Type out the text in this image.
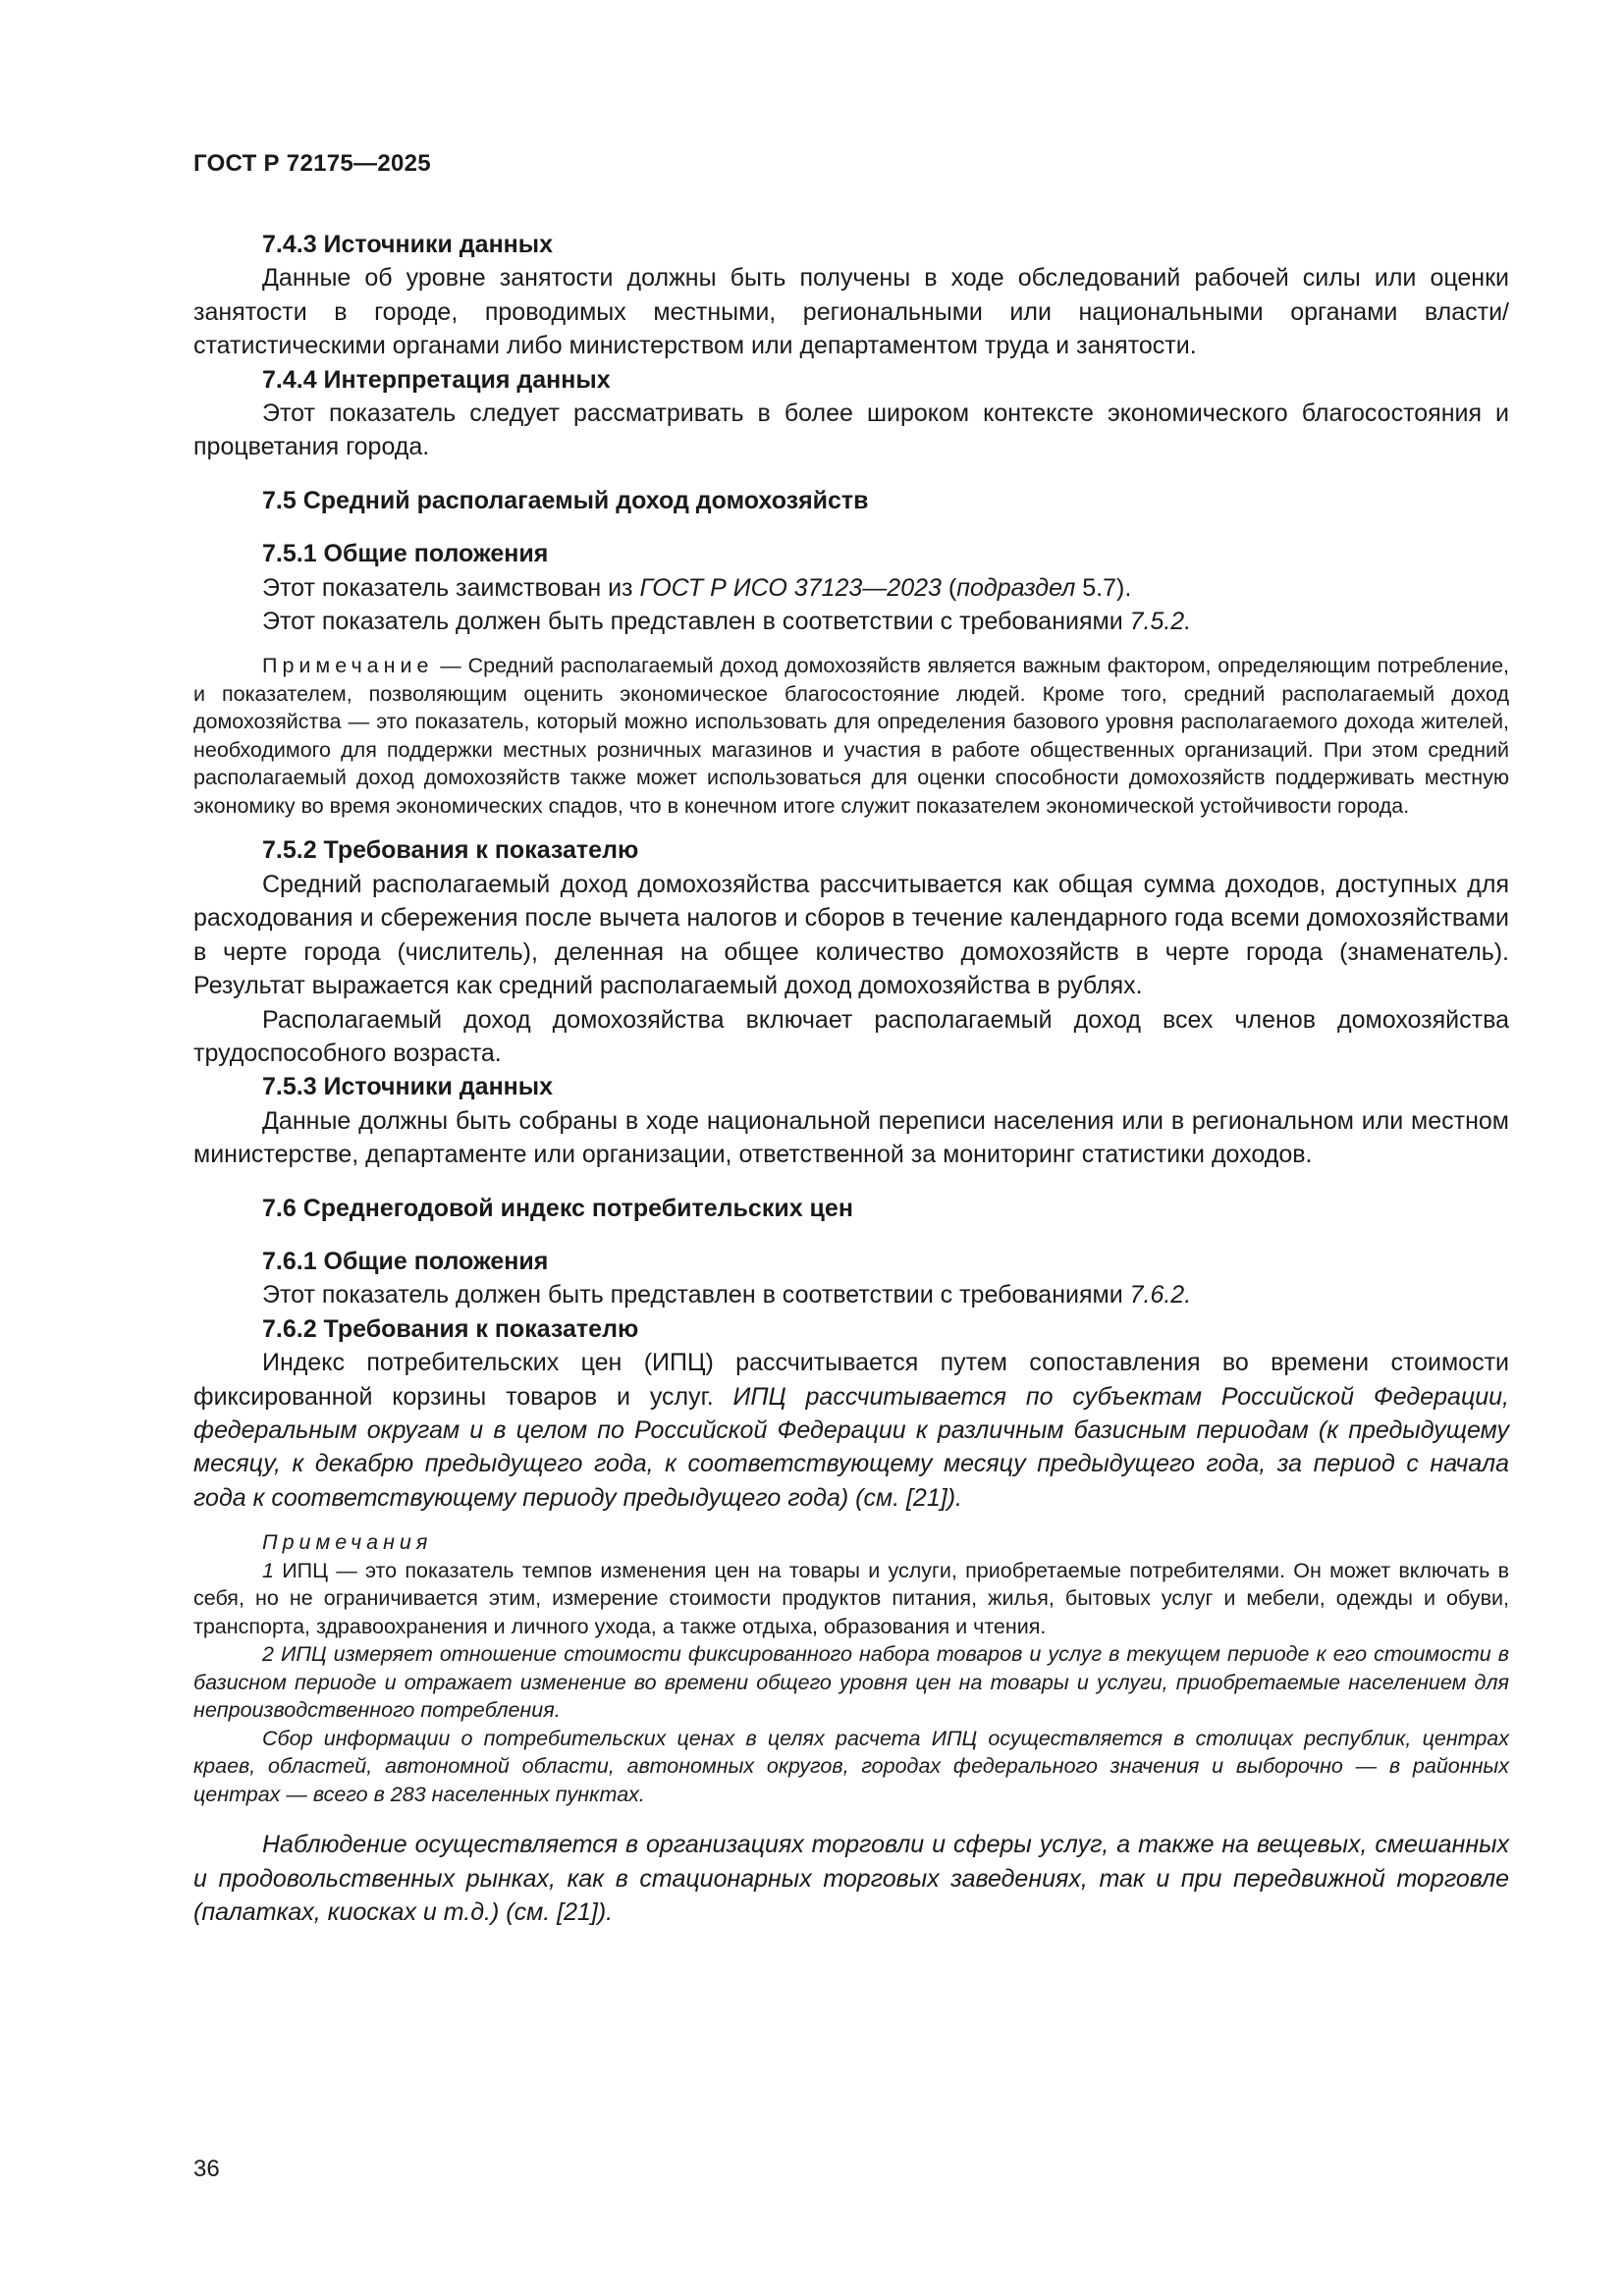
ГОСТ Р 72175—2025

7.4.3 Источники данных

Данные об уровне занятости должны быть получены в ходе обследований рабочей силы или оценки занятости в городе, проводимых местными, региональными или национальными органами власти/статистическими органами либо министерством или департаментом труда и занятости.

7.4.4 Интерпретация данных

Этот показатель следует рассматривать в более широком контексте экономического благосостояния и процветания города.

7.5 Средний располагаемый доход домохозяйств

7.5.1 Общие положения

Этот показатель заимствован из ГОСТ Р ИСО 37123—2023 (подраздел 5.7).

Этот показатель должен быть представлен в соответствии с требованиями 7.5.2.

Примечание — Средний располагаемый доход домохозяйств является важным фактором, определяющим потребление, и показателем, позволяющим оценить экономическое благосостояние людей. Кроме того, средний располагаемый доход домохозяйства — это показатель, который можно использовать для определения базового уровня располагаемого дохода жителей, необходимого для поддержки местных розничных магазинов и участия в работе общественных организаций. При этом средний располагаемый доход домохозяйств также может использоваться для оценки способности домохозяйств поддерживать местную экономику во время экономических спадов, что в конечном итоге служит показателем экономической устойчивости города.

7.5.2 Требования к показателю

Средний располагаемый доход домохозяйства рассчитывается как общая сумма доходов, доступных для расходования и сбережения после вычета налогов и сборов в течение календарного года всеми домохозяйствами в черте города (числитель), деленная на общее количество домохозяйств в черте города (знаменатель). Результат выражается как средний располагаемый доход домохозяйства в рублях.

Располагаемый доход домохозяйства включает располагаемый доход всех членов домохозяйства трудоспособного возраста.

7.5.3 Источники данных

Данные должны быть собраны в ходе национальной переписи населения или в региональном или местном министерстве, департаменте или организации, ответственной за мониторинг статистики доходов.

7.6 Среднегодовой индекс потребительских цен

7.6.1 Общие положения

Этот показатель должен быть представлен в соответствии с требованиями 7.6.2.

7.6.2 Требования к показателю

Индекс потребительских цен (ИПЦ) рассчитывается путем сопоставления во времени стоимости фиксированной корзины товаров и услуг. ИПЦ рассчитывается по субъектам Российской Федерации, федеральным округам и в целом по Российской Федерации к различным базисным периодам (к предыдущему месяцу, к декабрю предыдущего года, к соответствующему месяцу предыдущего года, за период с начала года к соответствующему периоду предыдущего года) (см. [21]).

Примечания

1 ИПЦ — это показатель темпов изменения цен на товары и услуги, приобретаемые потребителями. Он может включать в себя, но не ограничивается этим, измерение стоимости продуктов питания, жилья, бытовых услуг и мебели, одежды и обуви, транспорта, здравоохранения и личного ухода, а также отдыха, образования и чтения.

2 ИПЦ измеряет отношение стоимости фиксированного набора товаров и услуг в текущем периоде к его стоимости в базисном периоде и отражает изменение во времени общего уровня цен на товары и услуги, приобретаемые населением для непроизводственного потребления.

Сбор информации о потребительских ценах в целях расчета ИПЦ осуществляется в столицах республик, центрах краев, областей, автономной области, автономных округов, городах федерального значения и выборочно — в районных центрах — всего в 283 населенных пунктах.

Наблюдение осуществляется в организациях торговли и сферы услуг, а также на вещевых, смешанных и продовольственных рынках, как в стационарных торговых заведениях, так и при передвижной торговле (палатках, киосках и т.д.) (см. [21]).

36
